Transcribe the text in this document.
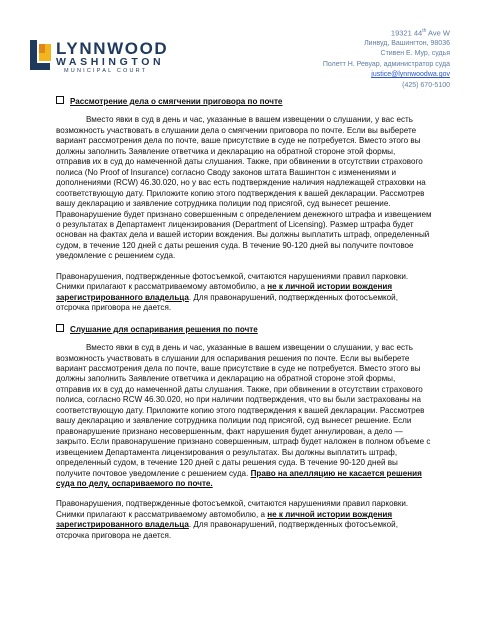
LYNNWOOD
WASHINGTON
MUNICIPAL COURT
19321 44th Ave W
Линвуд, Вашингтон, 98036
Стивен Е. Мур, судья
Полетт Н. Ревуар, администратор суда
justice@lynnwoodwa.gov
(425) 670-5100
Рассмотрение дела о смягчении приговора по почте

Вместо явки в суд в день и час, указанные в вашем извещении о слушании, у вас есть возможность участвовать в слушании дела о смягчении приговора по почте. Если вы выберете вариант рассмотрения дела по почте, ваше присутствие в суде не потребуется. Вместо этого вы должны заполнить Заявление ответчика и декларацию на обратной стороне этой формы, отправив их в суд до намеченной даты слушания. Также, при обвинении в отсутствии страхового полиса (No Proof of Insurance) согласно Своду законов штата Вашингтон с изменениями и дополнениями (RCW) 46.30.020, но у вас есть подтверждение наличия надлежащей страховки на соответствующую дату. Приложите копию этого подтверждения к вашей декларации. Рассмотрев вашу декларацию и заявление сотрудника полиции под присягой, суд вынесет решение. Правонарушение будет признано совершенным с определением денежного штрафа и извещением о результатах в Департамент лицензирования (Department of Licensing). Размер штрафа будет основан на фактах дела и вашей истории вождения. Вы должны выплатить штраф, определенный судом, в течение 120 дней с даты решения суда. В течение 90-120 дней вы получите почтовое уведомление с решением суда.

Правонарушения, подтвержденные фотосъемкой, считаются нарушениями правил парковки. Снимки прилагают к рассматриваемому автомобилю, а не к личной истории вождения зарегистрированного владельца. Для правонарушений, подтвержденных фотосъемкой, отсрочка приговора не дается.

Слушание для оспаривания решения по почте

Вместо явки в суд в день и час, указанные в вашем извещении о слушании, у вас есть возможность участвовать в слушании для оспаривания решения по почте. Если вы выберете вариант рассмотрения дела по почте, ваше присутствие в суде не потребуется. Вместо этого вы должны заполнить Заявление ответчика и декларацию на обратной стороне этой формы, отправив их в суд до намеченной даты слушания. Также, при обвинении в отсутствии страхового полиса, согласно RCW 46.30.020, но при наличии подтверждения, что вы были застрахованы на соответствующую дату. Приложите копию этого подтверждения к вашей декларации. Рассмотрев вашу декларацию и заявление сотрудника полиции под присягой, суд вынесет решение. Если правонарушение признано несовершенным, факт нарушения будет аннулирован, а дело — закрыто. Если правонарушение признано совершенным, штраф будет наложен в полном объеме с извещением Департамента лицензирования о результатах. Вы должны выплатить штраф, определенный судом, в течение 120 дней с даты решения суда. В течение 90-120 дней вы получите почтовое уведомление с решением суда. Право на апелляцию не касается решения суда по делу, оспариваемого по почте.

Правонарушения, подтвержденные фотосъемкой, считаются нарушениями правил парковки. Снимки прилагают к рассматриваемому автомобилю, а не к личной истории вождения зарегистрированного владельца. Для правонарушений, подтвержденных фотосъемкой, отсрочка приговора не дается.
